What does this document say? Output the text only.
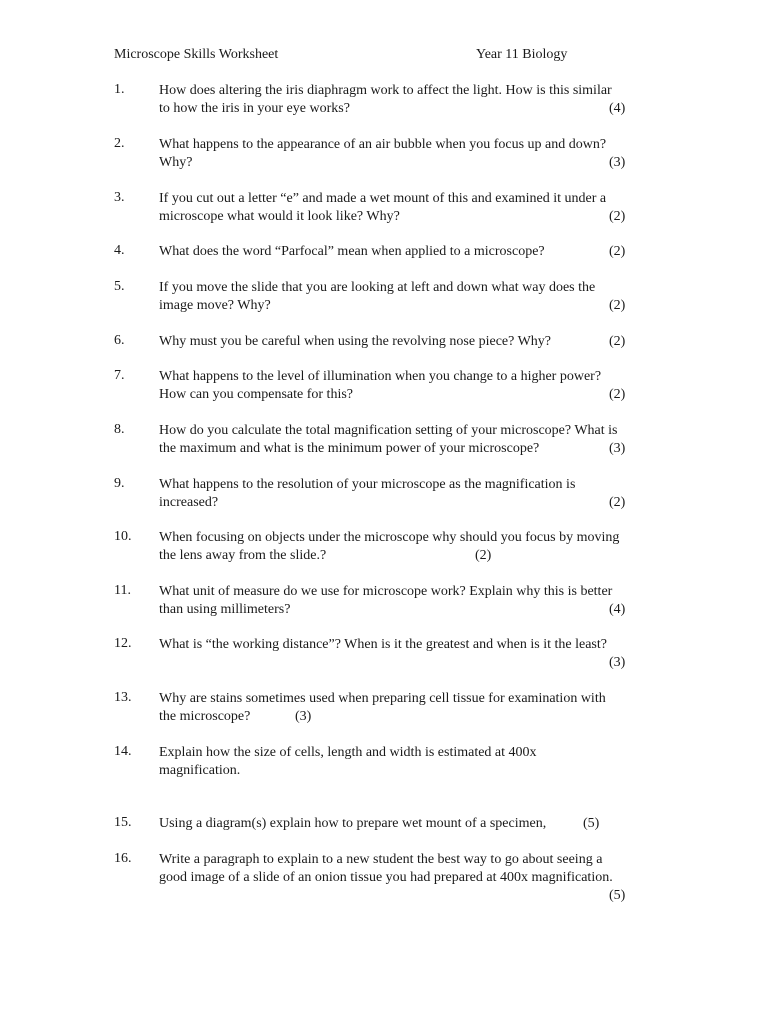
Microscope Skills Worksheet	Year 11 Biology
1. How does altering the iris diaphragm work to affect the light. How is this similar
to how the iris in your eye works?	(4)
2. What happens to the appearance of an air bubble when you focus up and down?
Why?	(3)
3. If you cut out a letter “e” and made a wet mount of this and examined it under a
microscope what would it look like? Why?	(2)
4. What does the word “Parfocal” mean when applied to a microscope?	(2)
5. If you move the slide that you are looking at left and down what way does the
image move? Why?	(2)
6. Why must you be careful when using the revolving nose piece? Why?	(2)
7. What happens to the level of illumination when you change to a higher power?
How can you compensate for this?	(2)
8. How do you calculate the total magnification setting of your microscope? What is
the maximum and what is the minimum power of your microscope?	(3)
9. What happens to the resolution of your microscope as the magnification is
increased?	(2)
10. When focusing on objects under the microscope why should you focus by moving
the lens away from the slide.?	(2)
11. What unit of measure do we use for microscope work? Explain why this is better
than using millimeters?	(4)
12. What is “the working distance”? When is it the greatest and when is it the least?
(3)
13. Why are stains sometimes used when preparing cell tissue for examination with
the microscope?	(3)
14. Explain how the size of cells, length and width is estimated at 400x
magnification.
15. Using a diagram(s) explain how to prepare wet mount of a specimen,	(5)
16. Write a paragraph to explain to a new student the best way to go about seeing a
good image of a slide of an onion tissue you had prepared at 400x magnification.
(5)
